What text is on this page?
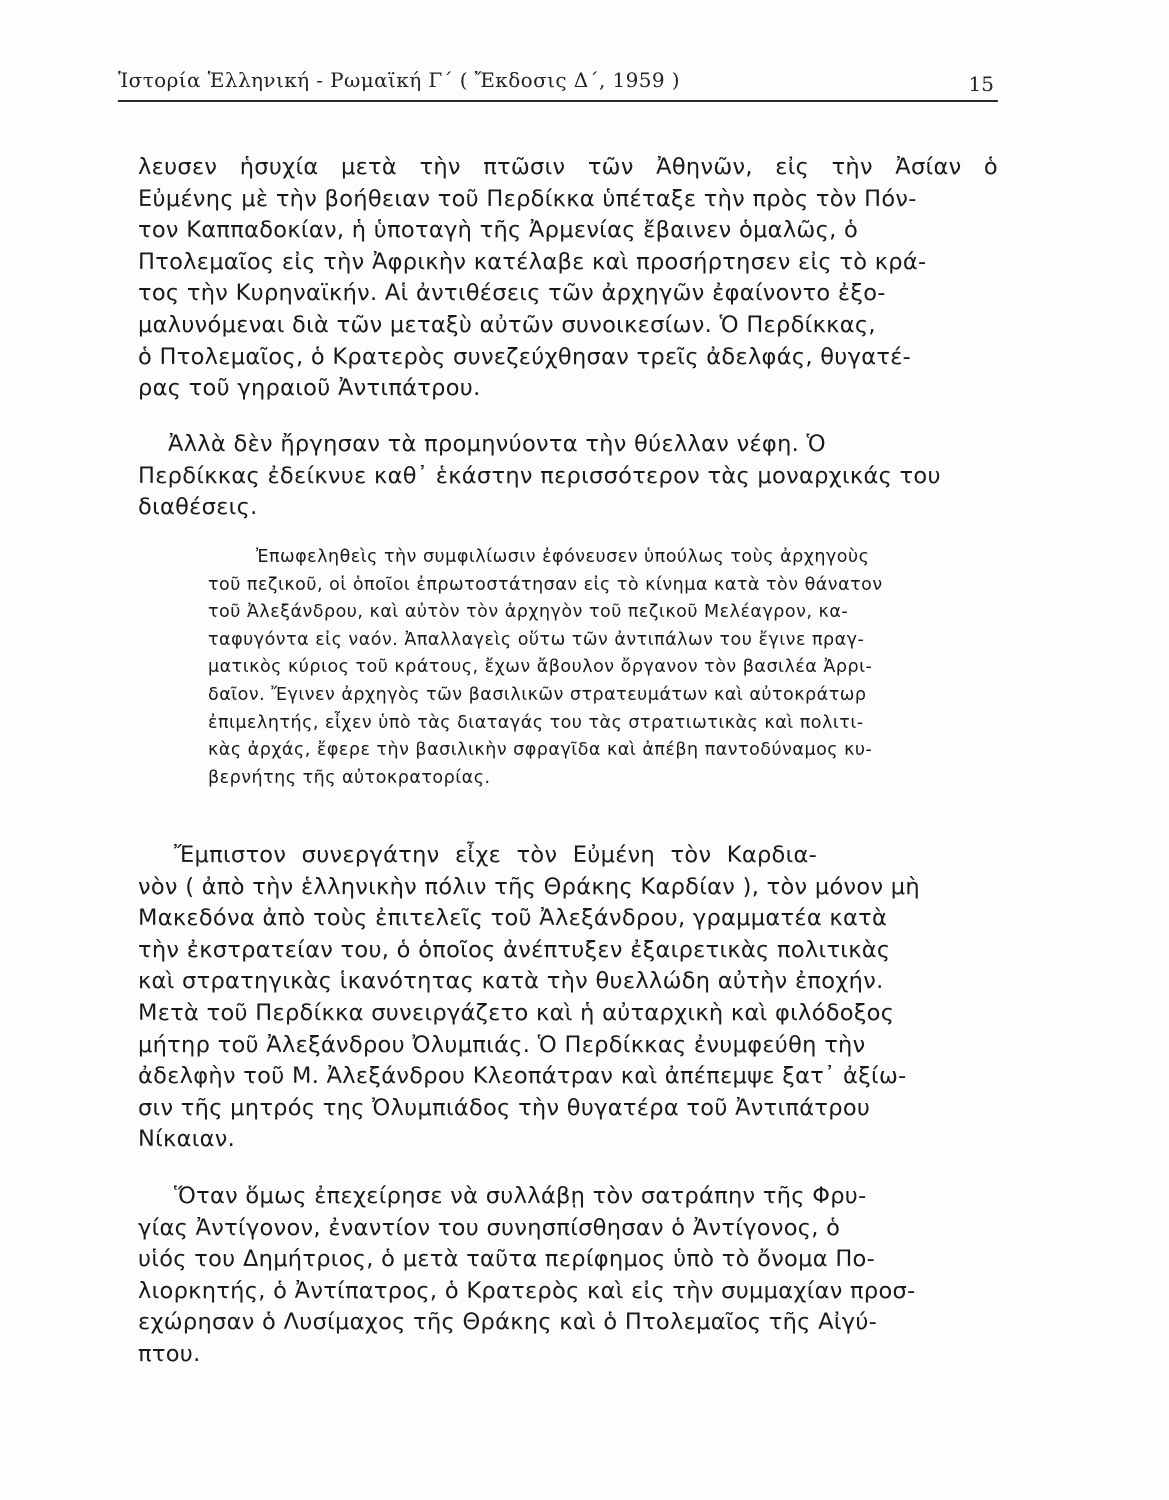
Ἱστορία Ἑλληνική - Ρωμαϊκή Γ΄ ( Ἔκδοσις Δ΄, 1959 )	15
λευσεν ἡσυχία μετὰ τὴν πτῶσιν τῶν Ἀθηνῶν, εἰς τὴν Ἀσίαν ὁ
Εὐμένης μὲ τὴν βοήθειαν τοῦ Περδίκκα ὑπέταξε τὴν πρὸς τὸν Πόν-
τον Καππαδοκίαν, ἡ ὑποταγὴ τῆς Ἀρμενίας ἔβαινεν ὁμαλῶς, ὁ
Πτολεμαῖος εἰς τὴν Ἀφρικὴν κατέλαβε καὶ προσήρτησεν εἰς τὸ κρά-
τος τὴν Κυρηναϊκήν. Αἱ ἀντιθέσεις τῶν ἀρχηγῶν ἐφαίνοντο ἐξο-
μαλυνόμεναι διὰ τῶν μεταξὺ αὐτῶν συνοικεσίων. Ὁ Περδίκκας,
ὁ Πτολεμαῖος, ὁ Κρατερὸς συνεζεύχθησαν τρεῖς ἀδελφάς, θυγατέ-
ρας τοῦ γηραιοῦ Ἀντιπάτρου.
Ἀλλὰ δὲν ἤργησαν τὰ προμηνύοντα τὴν θύελλαν νέφη. Ὁ
Περδίκκας ἐδείκνυε καθ᾽ ἑκάστην περισσότερον τὰς μοναρχικάς του
διαθέσεις.
Ἐπωφεληθεὶς τὴν συμφιλίωσιν ἐφόνευσεν ὑπούλως τοὺς ἀρχηγοὺς
τοῦ πεζικοῦ, οἱ ὁποῖοι ἐπρωτοστάτησαν εἰς τὸ κίνημα κατὰ τὸν θάνατον
τοῦ Ἀλεξάνδρου, καὶ αὐτὸν τὸν ἀρχηγὸν τοῦ πεζικοῦ Μελέαγρον, κα-
ταφυγόντα εἰς ναόν. Ἀπαλλαγεὶς οὕτω τῶν ἀντιπάλων του ἔγινε πραγ-
ματικὸς κύριος τοῦ κράτους, ἔχων ἄβουλον ὄργανον τὸν βασιλέα Ἀρρι-
δαῖον. Ἔγινεν ἀρχηγὸς τῶν βασιλικῶν στρατευμάτων καὶ αὐτοκράτωρ
ἐπιμελητής, εἶχεν ὑπὸ τὰς διαταγάς του τὰς στρατιωτικὰς καὶ πολιτι-
κὰς ἀρχάς, ἔφερε τὴν βασιλικὴν σφραγῖδα καὶ ἀπέβη παντοδύναμος κυ-
βερνήτης τῆς αὐτοκρατορίας.
Ἔμπιστον συνεργάτην εἶχε τὸν Εὐμένη τὸν Καρδια-
νὸν ( ἀπὸ τὴν ἑλληνικὴν πόλιν τῆς Θράκης Καρδίαν ), τὸν μόνον μὴ
Μακεδόνα ἀπὸ τοὺς ἐπιτελεῖς τοῦ Ἀλεξάνδρου, γραμματέα κατὰ
τὴν ἐκστρατείαν του, ὁ ὁποῖος ἀνέπτυξεν ἐξαιρετικὰς πολιτικὰς
καὶ στρατηγικὰς ἱκανότητας κατὰ τὴν θυελλώδη αὐτὴν ἐποχήν.
Μετὰ τοῦ Περδίκκα συνειργάζετο καὶ ἡ αὐταρχικὴ καὶ φιλόδοξος
μήτηρ τοῦ Ἀλεξάνδρου Ὀλυμπιάς. Ὁ Περδίκκας ἐνυμφεύθη τὴν
ἀδελφὴν τοῦ Μ. Ἀλεξάνδρου Κλεοπάτραν καὶ ἀπέπεμψε ξατ᾽ ἀξίω-
σιν τῆς μητρός της Ὀλυμπιάδος τὴν θυγατέρα τοῦ Ἀντιπάτρου
Νίκαιαν.
Ὅταν ὅμως ἐπεχείρησε νὰ συλλάβῃ τὸν σατράπην τῆς Φρυ-
γίας Ἀντίγονον, ἐναντίον του συνησπίσθησαν ὁ Ἀντίγονος, ὁ
υἱός του Δημήτριος, ὁ μετὰ ταῦτα περίφημος ὑπὸ τὸ ὄνομα Πο-
λιορκητής, ὁ Ἀντίπατρος, ὁ Κρατερὸς καὶ εἰς τὴν συμμαχίαν προσ-
εχώρησαν ὁ Λυσίμαχος τῆς Θράκης καὶ ὁ Πτολεμαῖος τῆς Αἰγύ-
πτου.
